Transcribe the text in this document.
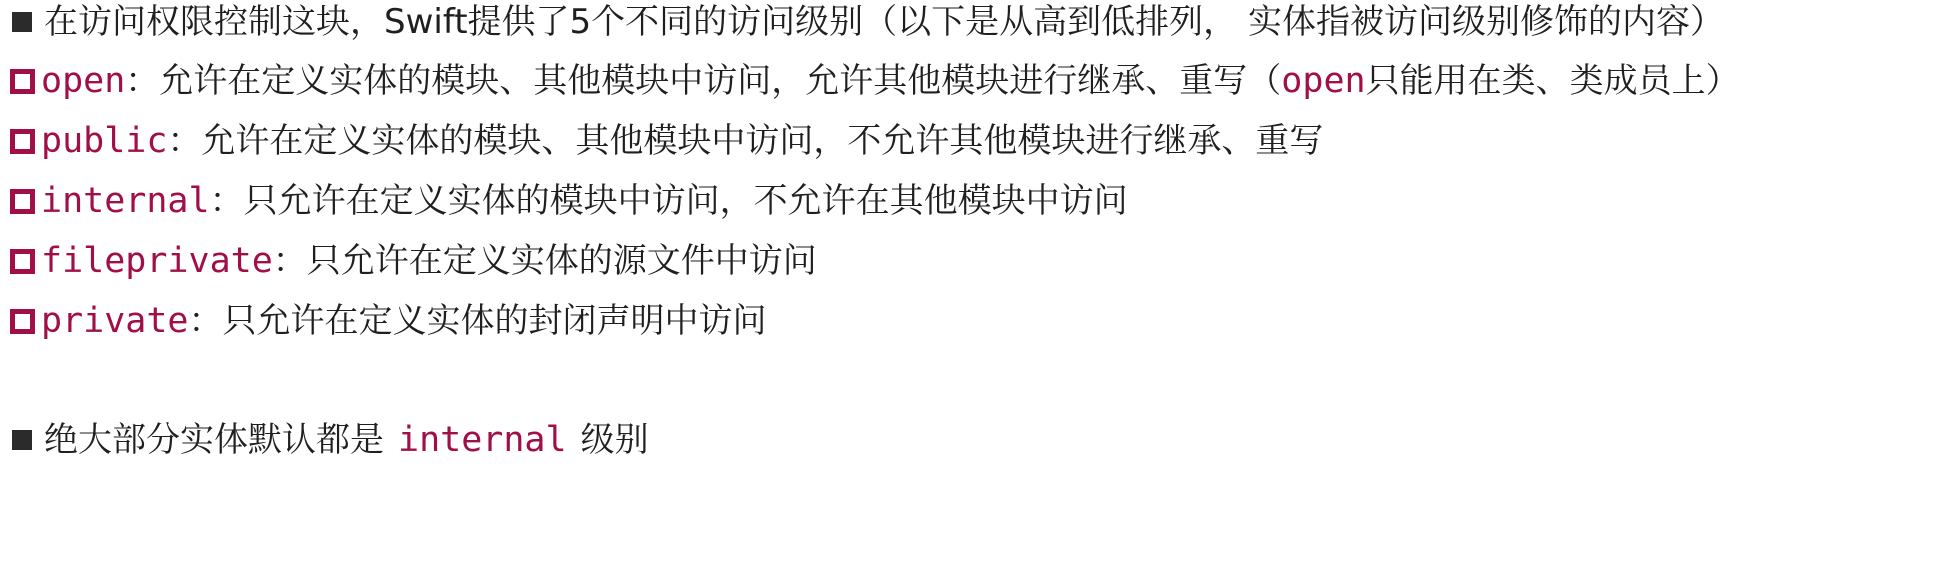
在访问权限控制这块，Swift提供了5个不同的访问级别（以下是从高到低排列， 实体指被访问级别修饰的内容）
open ：允许在定义实体的模块、其他模块中访问，允许其他模块进行继承、重写（ open 只能用在类、类成员上）
public ：允许在定义实体的模块、其他模块中访问，不允许其他模块进行继承、重写
internal ：只允许在定义实体的模块中访问，不允许在其他模块中访问
fileprivate ：只允许在定义实体的源文件中访问
private ：只允许在定义实体的封闭声明中访问
绝大部分实体默认都是 internal 级别
